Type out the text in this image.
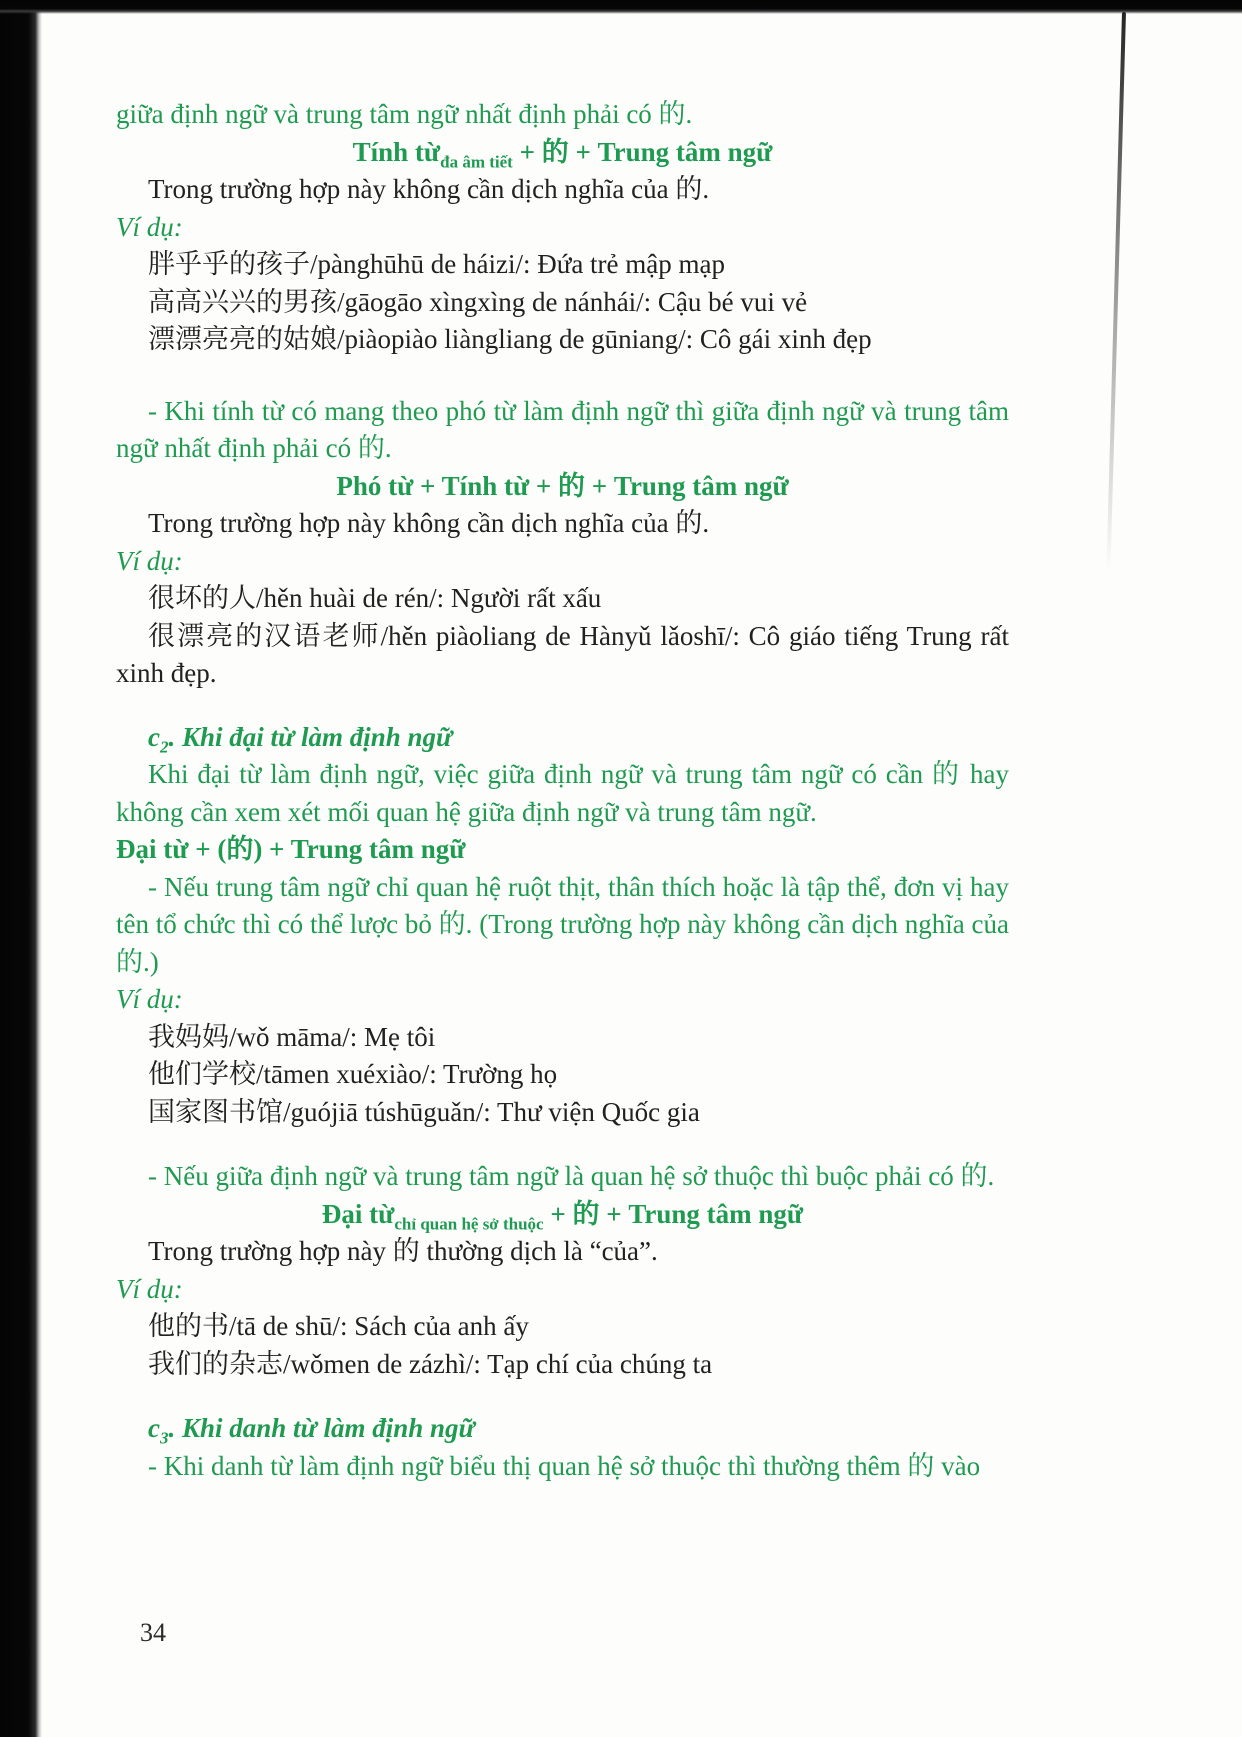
giữa định ngữ và trung tâm ngữ nhất định phải có 的.

Tính từ$_{đa âm tiết}$ + 的 + Trung tâm ngữ

Trong trường hợp này không cần dịch nghĩa của 的.

Ví dụ:

胖乎乎的孩子/pànghūhū de háizi/: Đứa trẻ mập mạp

高高兴兴的男孩/gāogāo xìngxìng de nánhái/: Cậu bé vui vẻ

漂漂亮亮的姑娘/piàopiào liàngliang de gūniang/: Cô gái xinh đẹp

- Khi tính từ có mang theo phó từ làm định ngữ thì giữa định ngữ và trung tâm ngữ nhất định phải có 的.

Phó từ + Tính từ + 的 + Trung tâm ngữ

Trong trường hợp này không cần dịch nghĩa của 的.

Ví dụ:

很坏的人/hěn huài de rén/: Người rất xấu

很漂亮的汉语老师/hěn piàoliang de Hànyǔ lǎoshī/: Cô giáo tiếng Trung rất xinh đẹp.

$c_2$. Khi đại từ làm định ngữ

Khi đại từ làm định ngữ, việc giữa định ngữ và trung tâm ngữ có cần 的 hay không cần xem xét mối quan hệ giữa định ngữ và trung tâm ngữ.

Đại từ + (的) + Trung tâm ngữ

- Nếu trung tâm ngữ chỉ quan hệ ruột thịt, thân thích hoặc là tập thể, đơn vị hay tên tổ chức thì có thể lược bỏ 的. (Trong trường hợp này không cần dịch nghĩa của 的.)

Ví dụ:

我妈妈/wǒ māma/: Mẹ tôi

他们学校/tāmen xuéxiào/: Trường họ

国家图书馆/guójiā túshūguǎn/: Thư viện Quốc gia

- Nếu giữa định ngữ và trung tâm ngữ là quan hệ sở thuộc thì buộc phải có 的.

Đại từ$_{chỉ quan hệ sở thuộc}$ + 的 + Trung tâm ngữ

Trong trường hợp này 的 thường dịch là “của”.

Ví dụ:

他的书/tā de shū/: Sách của anh ấy

我们的杂志/wǒmen de zázhì/: Tạp chí của chúng ta

$c_3$. Khi danh từ làm định ngữ

- Khi danh từ làm định ngữ biểu thị quan hệ sở thuộc thì thường thêm 的 vào

34
